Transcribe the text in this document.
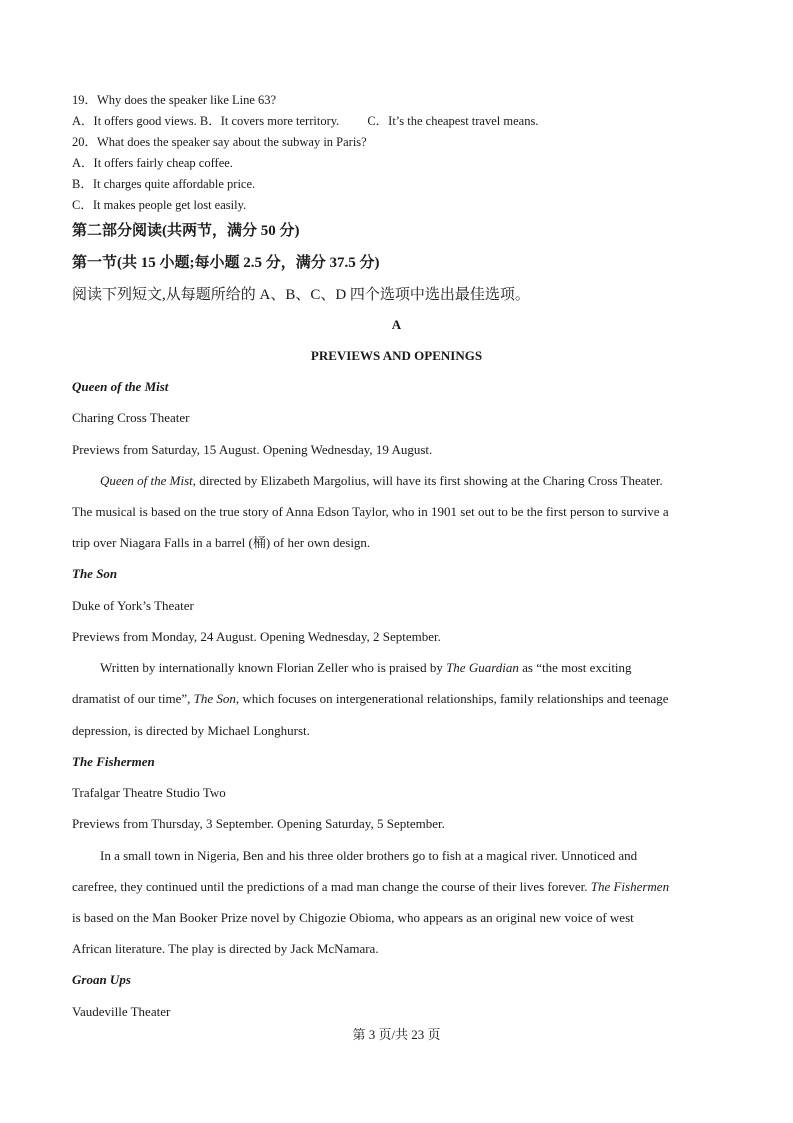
19．Why does the speaker like Line 63?
A．It offers good views. B．It covers more territory. C．It’s the cheapest travel means.
20．What does the speaker say about the subway in Paris?
A．It offers fairly cheap coffee.
B．It charges quite affordable price.
C．It makes people get lost easily.
第二部分阅读(共两节，满分 50 分)
第一节(共 15 小题;每小题 2.5 分，满分 37.5 分)
阅读下列短文,从每题所给的 A、B、C、D 四个选项中选出最佳选项。
A
PREVIEWS AND OPENINGS
Queen of the Mist
Charing Cross Theater
Previews from Saturday, 15 August. Opening Wednesday, 19 August.
Queen of the Mist, directed by Elizabeth Margolius, will have its first showing at the Charing Cross Theater.
The musical is based on the true story of Anna Edson Taylor, who in 1901 set out to be the first person to survive a
trip over Niagara Falls in a barrel (桶) of her own design.
The Son
Duke of York’s Theater
Previews from Monday, 24 August. Opening Wednesday, 2 September.
Written by internationally known Florian Zeller who is praised by The Guardian as “the most exciting
dramatist of our time”, The Son, which focuses on intergenerational relationships, family relationships and teenage
depression, is directed by Michael Longhurst.
The Fishermen
Trafalgar Theatre Studio Two
Previews from Thursday, 3 September. Opening Saturday, 5 September.
In a small town in Nigeria, Ben and his three older brothers go to fish at a magical river. Unnoticed and
carefree, they continued until the predictions of a mad man change the course of their lives forever. The Fishermen
is based on the Man Booker Prize novel by Chigozie Obioma, who appears as an original new voice of west
African literature. The play is directed by Jack McNamara.
Groan Ups
Vaudeville Theater
第 3 页/共 23 页
